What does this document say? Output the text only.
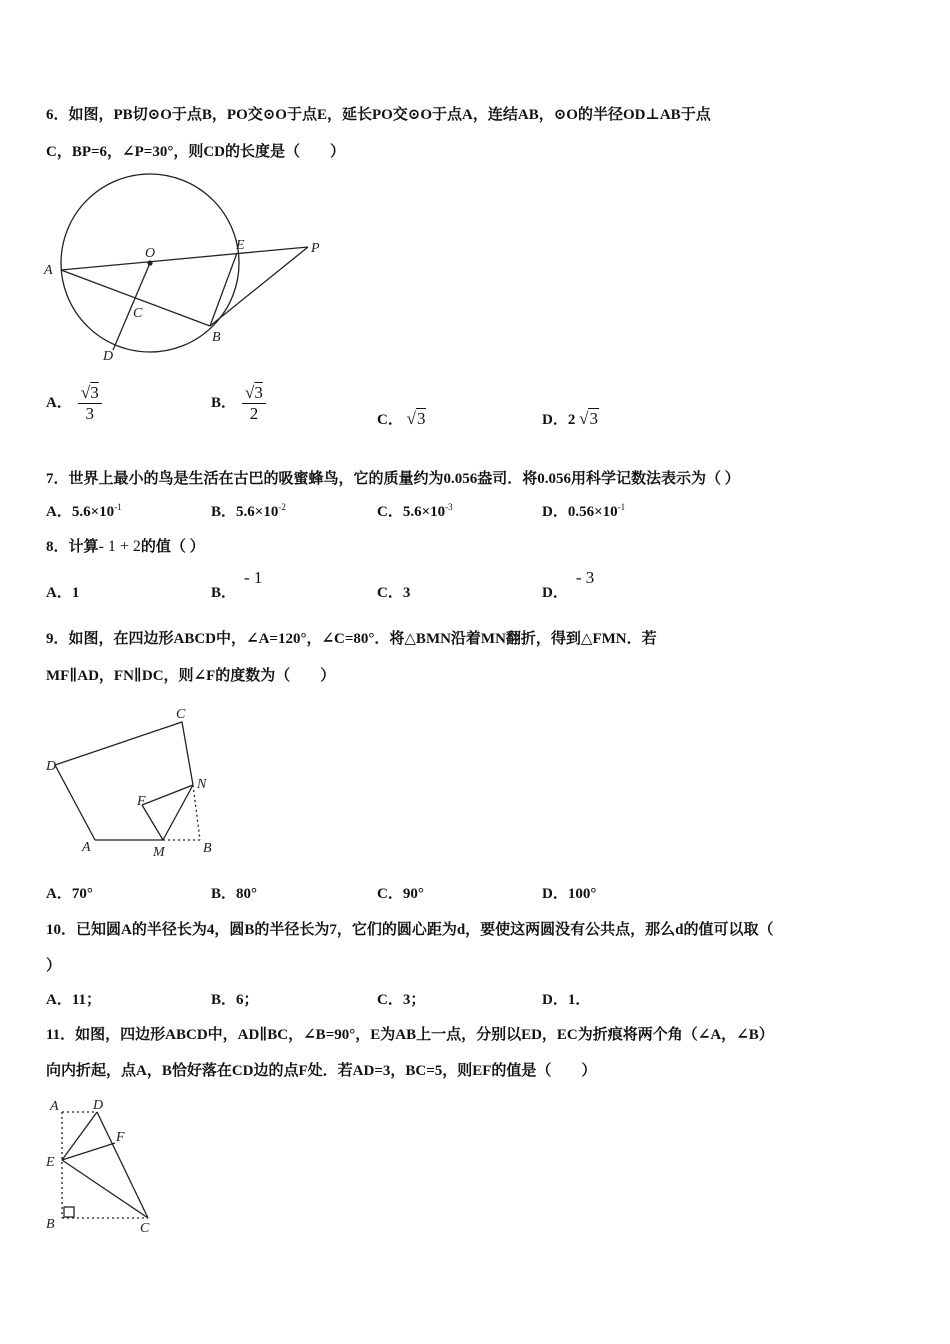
6．如图，PB切⊙O于点B，PO交⊙O于点E，延长PO交⊙O于点A，连结AB，⊙O的半径OD⊥AB于点
C，BP=6，∠P=30°，则CD的长度是（　　）
A
O
E	P
C
B
D
C
D
N
F
A	M	B
A D
F
E
B	C
A． $\frac{√3}{3}$	B． $\frac{√3}{2}$	C． √3	D．2 √3
7．世界上最小的鸟是生活在古巴的吸蜜蜂鸟，它的质量约为0.056盎司．将0.056用科学记数法表示为（ ）
A．$5.6\times 10^{-1}$	B．$5.6\times 10^{-2}$	C．$5.6\times 10^{-3}$	D．$0.56\times 10^{-1}$
8．计算- 1 + 2的值（ ）
A．1	B．- 1
C．3	D．- 3
9．如图，在四边形ABCD中，∠A=120°，∠C=80°．将△BMN沿着MN翻折，得到△FMN．若
MF∥AD，FN∥DC，则∠F的度数为（　　）
A．70°	B．80°	C．90°	D．100°
10．已知圆A的半径长为4，圆B的半径长为7，它们的圆心距为d，要使这两圆没有公共点，那么d的值可以取（
）
A．11；	B．6；	C．3；	D．1．
11．如图，四边形ABCD中，AD∥BC，∠B=90°，E为AB上一点，分别以ED，EC为折痕将两个角（∠A，∠B）
向内折起，点A，B恰好落在CD边的点F处．若AD=3，BC=5，则EF的值是（　　）
